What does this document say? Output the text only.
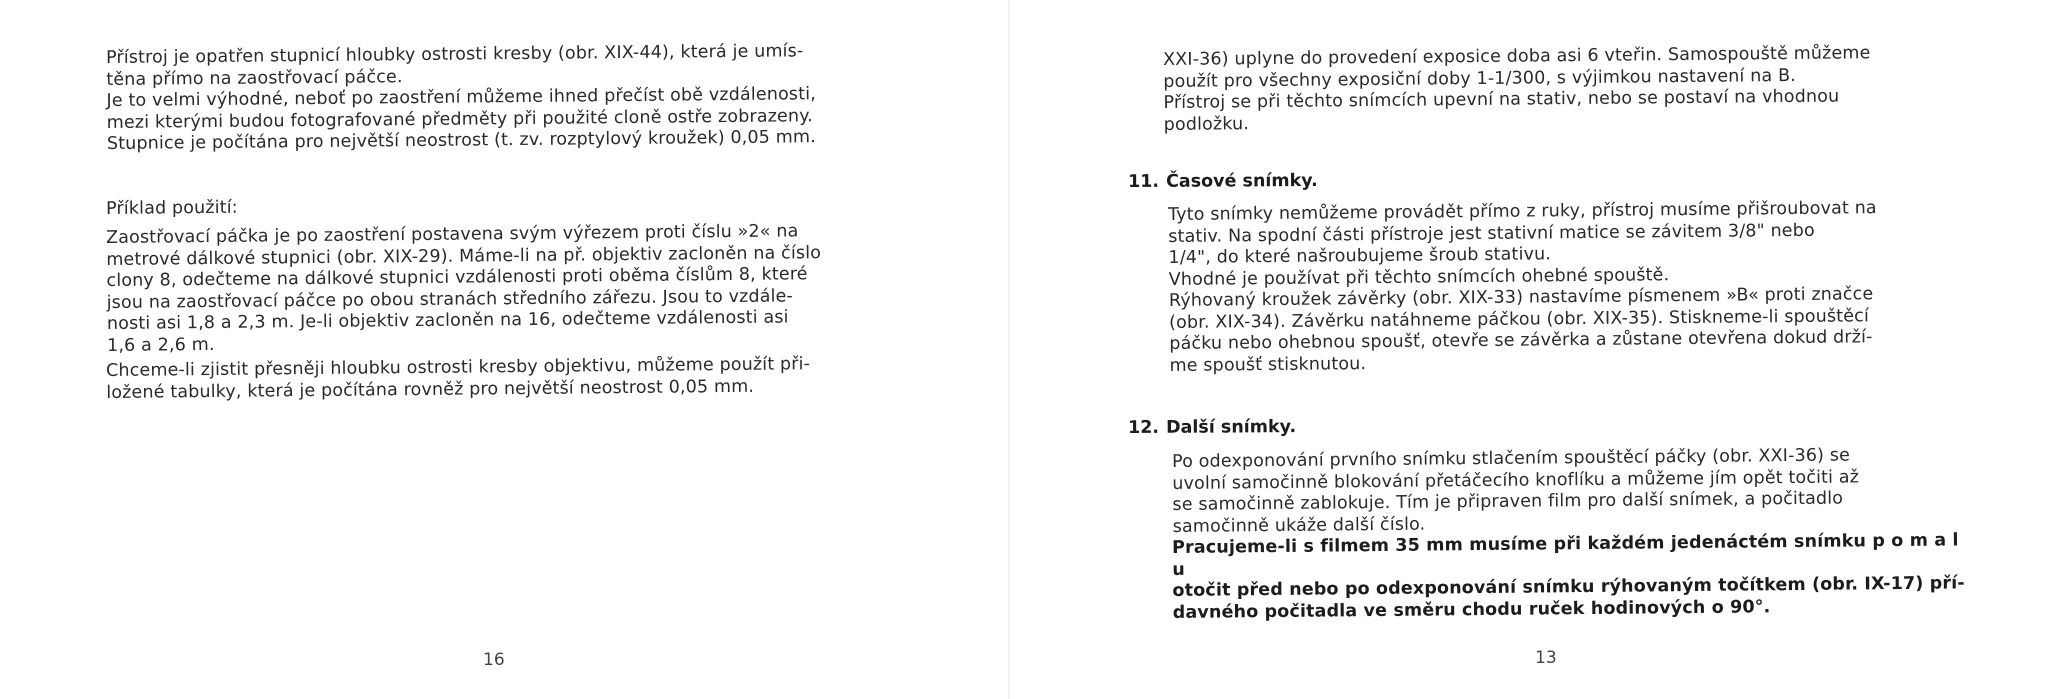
Přístroj je opatřen stupnicí hloubky ostrosti kresby (obr. XIX-44), která je umís-
těna přímo na zaostřovací páčce.
Je to velmi výhodné, neboť po zaostření můžeme ihned přečíst obě vzdálenosti,
mezi kterými budou fotografované předměty při použité cloně ostře zobrazeny.
Stupnice je počítána pro největší neostrost (t. zv. rozptylový kroužek) 0,05 mm.

Příklad použití:

Zaostřovací páčka je po zaostření postavena svým výřezem proti číslu »2« na
metrové dálkové stupnici (obr. XIX-29). Máme-li na př. objektiv zacloněn na číslo
clony 8, odečteme na dálkové stupnici vzdálenosti proti oběma číslům 8, které
jsou na zaostřovací páčce po obou stranách středního zářezu. Jsou to vzdále-
nosti asi 1,8 a 2,3 m. Je-li objektiv zacloněn na 16, odečteme vzdálenosti asi
1,6 a 2,6 m.

Chceme-li zjistit přesněji hloubku ostrosti kresby objektivu, můžeme použít při-
ložené tabulky, která je počítána rovněž pro největší neostrost 0,05 mm.

16

XXI-36) uplyne do provedení exposice doba asi 6 vteřin. Samospouště můžeme
použít pro všechny exposiční doby 1-1/300, s výjimkou nastavení na B.
Přístroj se při těchto snímcích upevní na stativ, nebo se postaví na vhodnou
podložku.

11. Časové snímky.

Tyto snímky nemůžeme provádět přímo z ruky, přístroj musíme přišroubovat na
stativ. Na spodní části přístroje jest stativní matice se závitem 3/8" nebo
1/4", do které našroubujeme šroub stativu.
Vhodné je používat při těchto snímcích ohebné spouště.
Rýhovaný kroužek závěrky (obr. XIX-33) nastavíme písmenem »B« proti značce
(obr. XIX-34). Závěrku natáhneme páčkou (obr. XIX-35). Stiskneme-li spouštěcí
páčku nebo ohebnou spoušť, otevře se závěrka a zůstane otevřena dokud drží-
me spoušť stisknutou.

12. Další snímky.

Po odexponování prvního snímku stlačením spouštěcí páčky (obr. XXI-36) se
uvolní samočinně blokování přetáčecího knoflíku a můžeme jím opět točiti až
se samočinně zablokuje. Tím je připraven film pro další snímek, a počitadlo
samočinně ukáže další číslo.

Pracujeme-li s filmem 35 mm musíme při každém jedenáctém snímku p o m a l u
otočit před nebo po odexponování snímku rýhovaným točítkem (obr. IX-17) pří-
davného počitadla ve směru chodu ruček hodinových o 90°.

13
